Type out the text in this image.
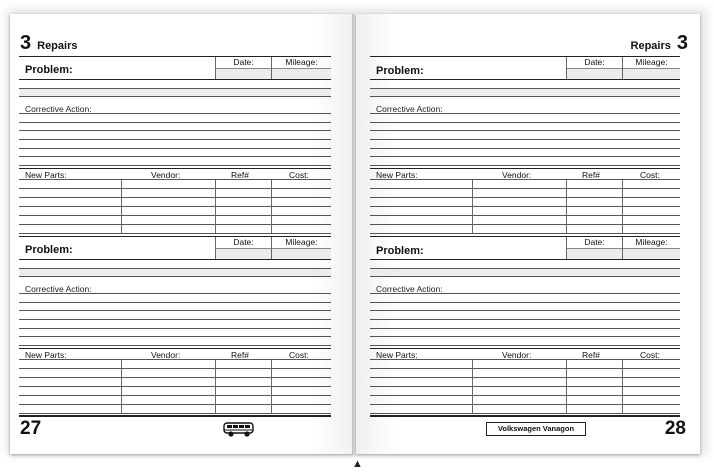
3 Repairs
Problem:
Date:	Mileage:
Corrective Action:
New Parts:	Vendor:	Ref#	Cost:
Problem:
Date:	Mileage:
Corrective Action:
New Parts:	Vendor:	Ref#	Cost:
27
Repairs 3
Problem:
Date:	Mileage:
Corrective Action:
New Parts:	Vendor:	Ref#	Cost:
Problem:
Date:	Mileage:
Corrective Action:
New Parts:	Vendor:	Ref#	Cost:
Volkswagen Vanagon	28
▲
